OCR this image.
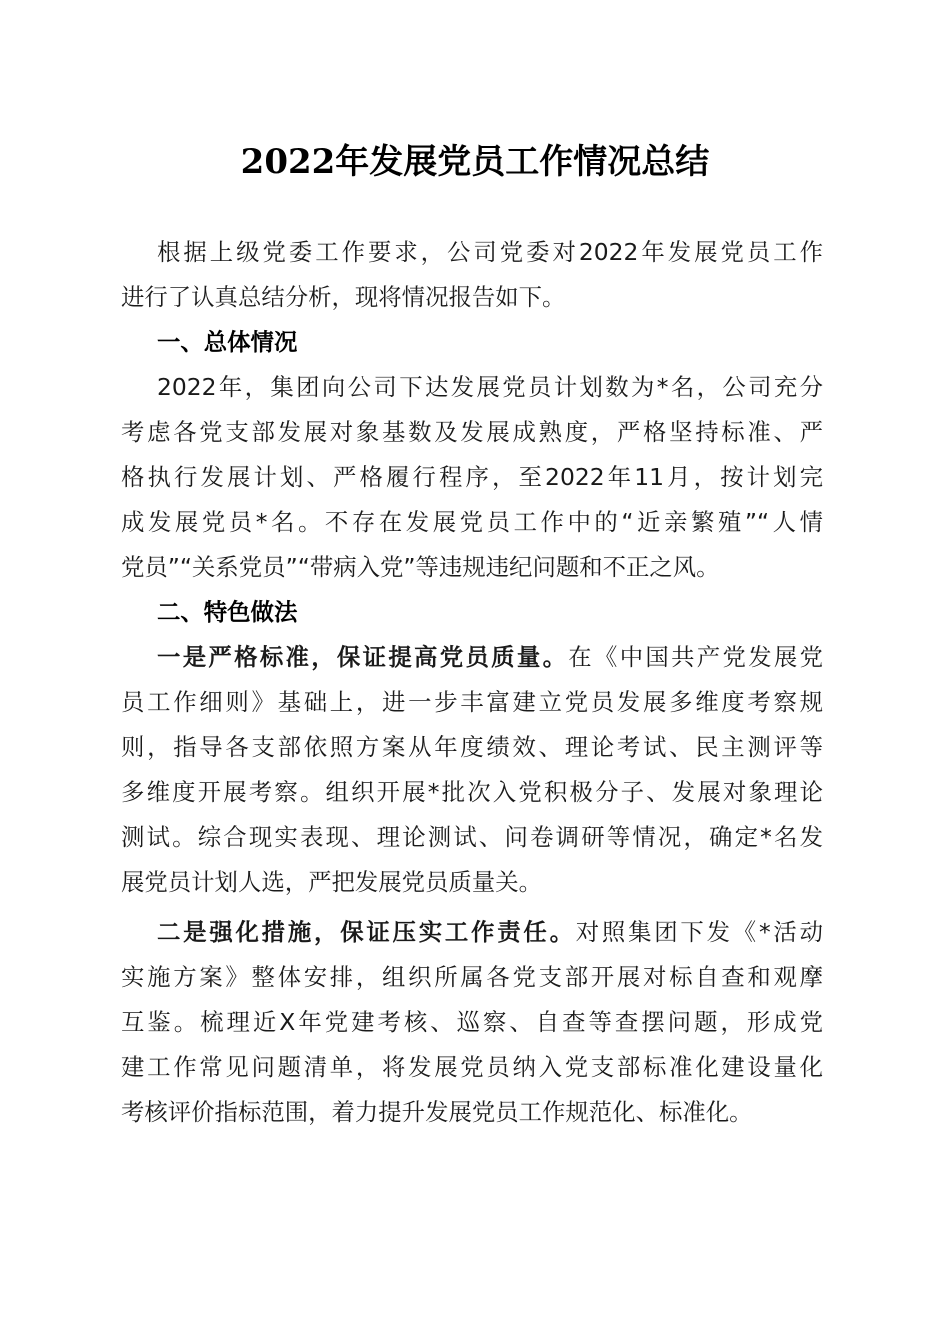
2022年发展党员工作情况总结
根据上级党委工作要求，公司党委对2022年发展党员工作
进行了认真总结分析，现将情况报告如下。
一、总体情况
2022年，集团向公司下达发展党员计划数为*名，公司充分
考虑各党支部发展对象基数及发展成熟度，严格坚持标准、严
格执行发展计划、严格履行程序，至2022年11月，按计划完
成发展党员*名。不存在发展党员工作中的“近亲繁殖”“人情
党员”“关系党员”“带病入党”等违规违纪问题和不正之风。
二、特色做法
一是严格标准，保证提高党员质量。在《中国共产党发展党
员工作细则》基础上，进一步丰富建立党员发展多维度考察规
则，指导各支部依照方案从年度绩效、理论考试、民主测评等
多维度开展考察。组织开展*批次入党积极分子、发展对象理论
测试。综合现实表现、理论测试、问卷调研等情况，确定*名发
展党员计划人选，严把发展党员质量关。
二是强化措施，保证压实工作责任。对照集团下发《*活动
实施方案》整体安排，组织所属各党支部开展对标自查和观摩
互鉴。梳理近X年党建考核、巡察、自查等查摆问题，形成党
建工作常见问题清单，将发展党员纳入党支部标准化建设量化
考核评价指标范围，着力提升发展党员工作规范化、标准化。
